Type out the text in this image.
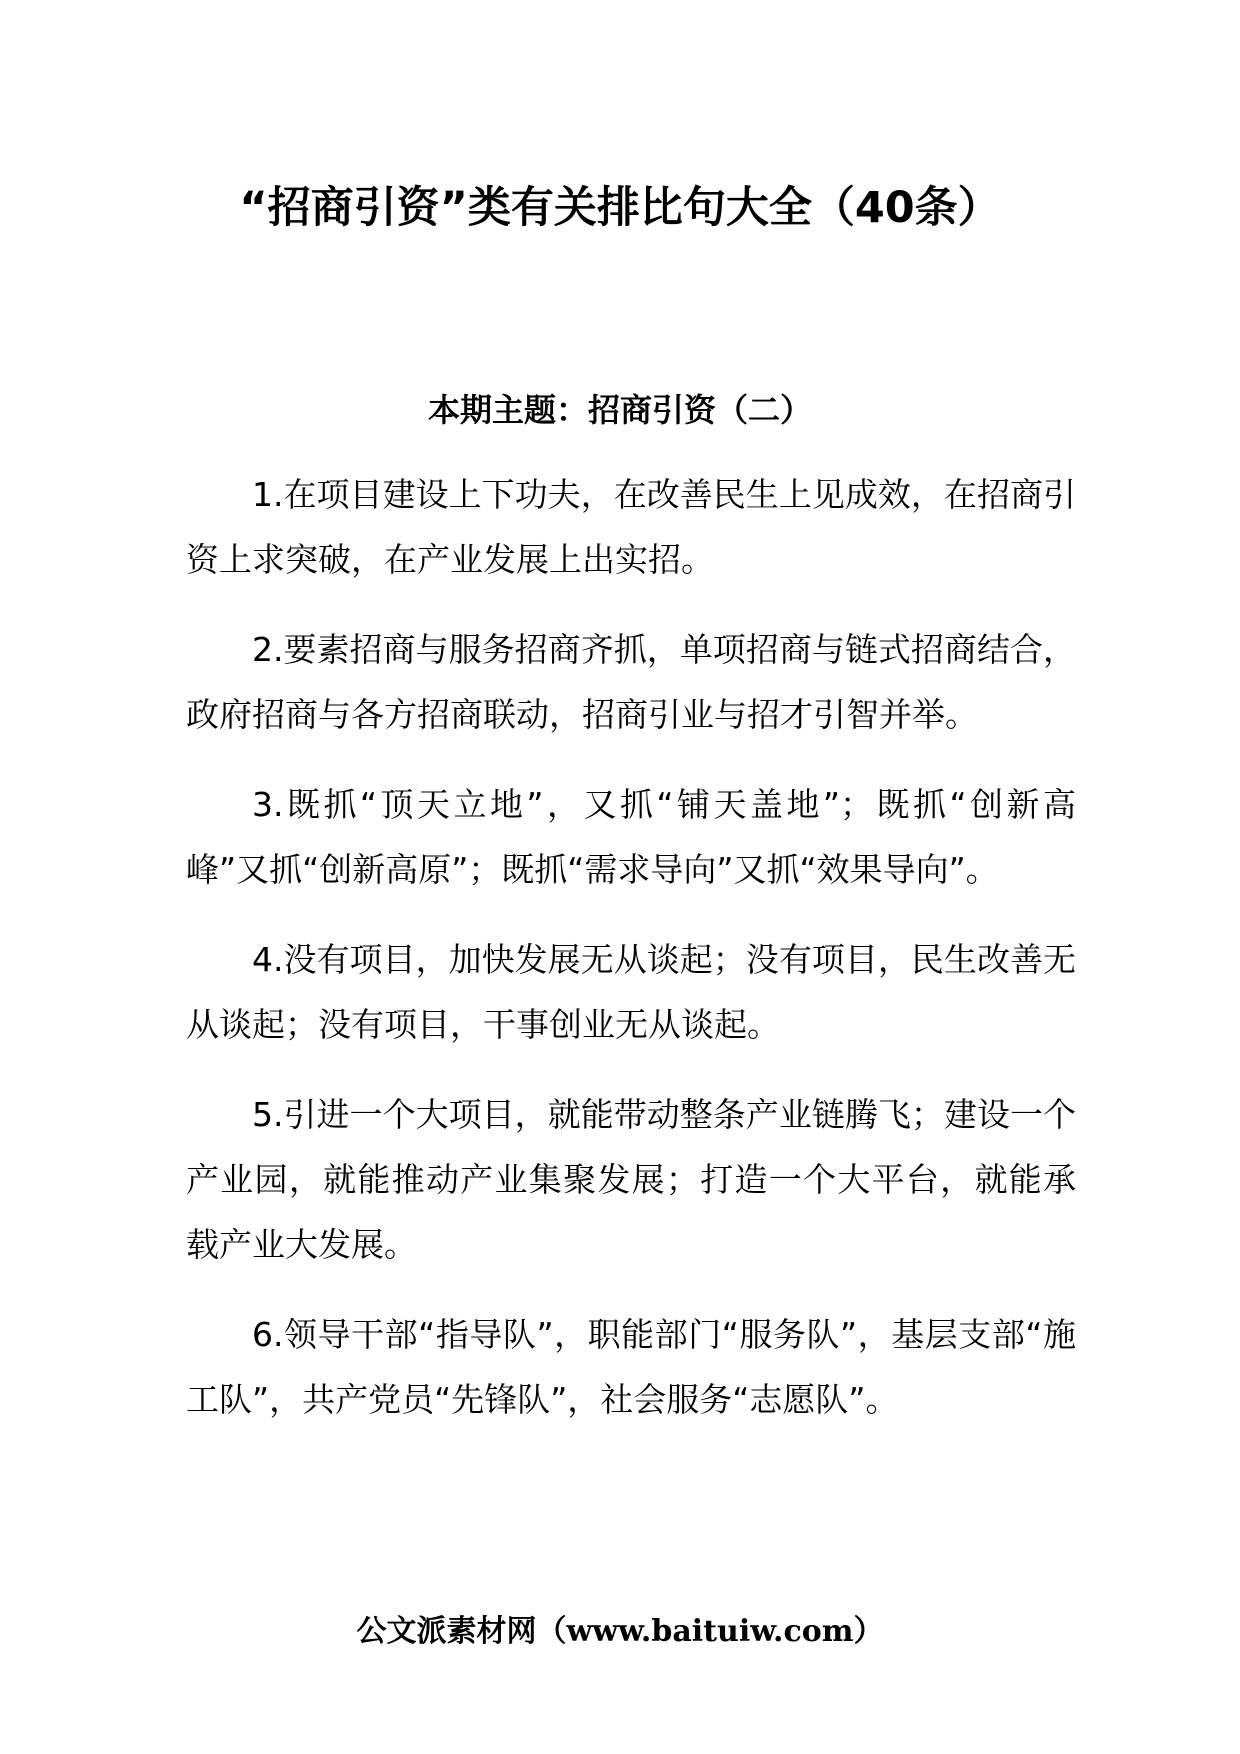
“招商引资”类有关排比句大全（40条）
本期主题：招商引资（二）

1.在项目建设上下功夫，在改善民生上见成效，在招商引资上求突破，在产业发展上出实招。

2.要素招商与服务招商齐抓，单项招商与链式招商结合，政府招商与各方招商联动，招商引业与招才引智并举。

3.既抓“顶天立地”，又抓“铺天盖地”；既抓“创新高峰”又抓“创新高原”；既抓“需求导向”又抓“效果导向”。

4.没有项目，加快发展无从谈起；没有项目，民生改善无从谈起；没有项目，干事创业无从谈起。

5.引进一个大项目，就能带动整条产业链腾飞；建设一个产业园，就能推动产业集聚发展；打造一个大平台，就能承载产业大发展。

6.领导干部“指导队”，职能部门“服务队”，基层支部“施工队”，共产党员“先锋队”，社会服务“志愿队”。

公文派素材网（www.baituiw.com）
